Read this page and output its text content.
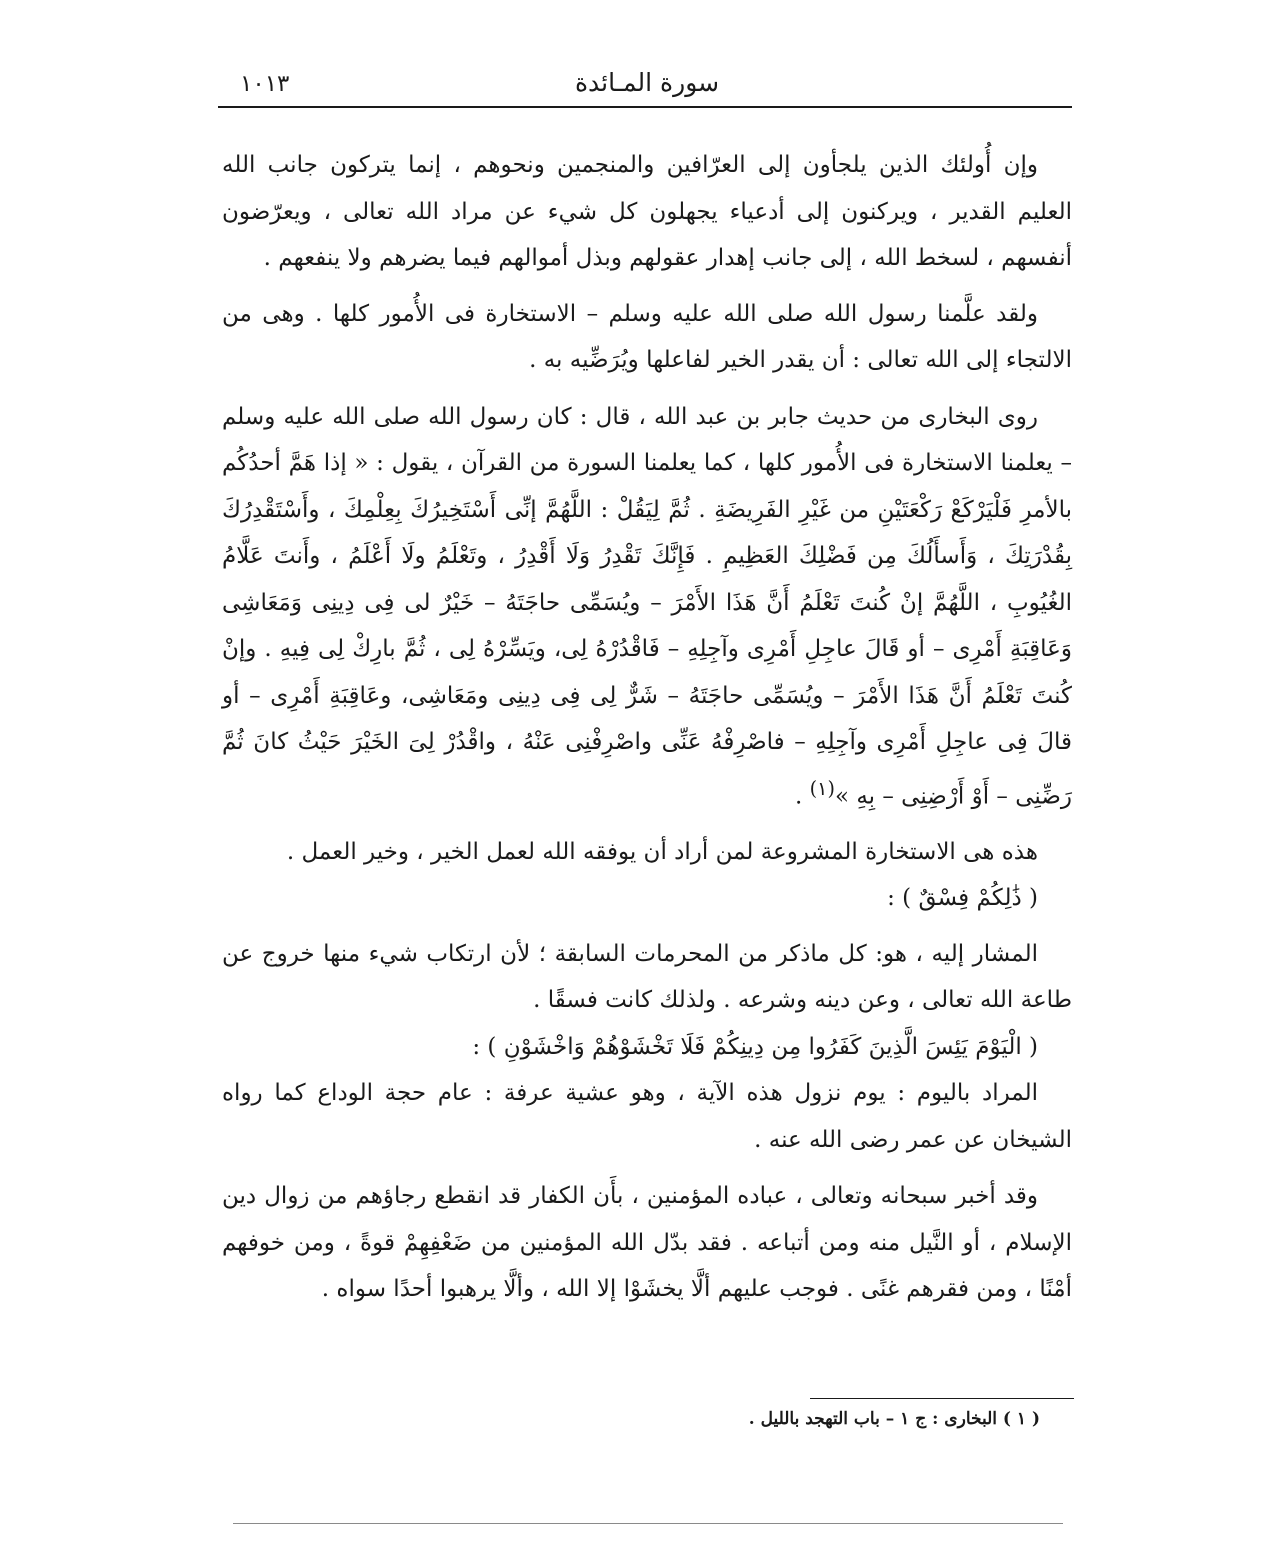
سورة المـائدة
١٠١٣

وإن أُولئك الذين يلجأون إلى العرّافين والمنجمين ونحوهم ، إنما يتركون جانب الله العليم القدير ، ويركنون إلى أدعياء يجهلون كل شيء عن مراد الله تعالى ، ويعرّضون أنفسهم ، لسخط الله ، إلى جانب إهدار عقولهم وبذل أموالهم فيما يضرهم ولا ينفعهم .

ولقد علَّمنا رسول الله صلى الله عليه وسلم – الاستخارة فى الأُمور كلها . وهى من الالتجاء إلى الله تعالى : أن يقدر الخير لفاعلها ويُرَضِّيه به .

روى البخارى من حديث جابر بن عبد الله ، قال : كان رسول الله صلى الله عليه وسلم – يعلمنا الاستخارة فى الأُمور كلها ، كما يعلمنا السورة من القرآن ، يقول : « إذا هَمَّ أحدُكُم بالأمرِ فَلْيَرْكَعْ رَكْعَتَيْنِ من غَيْرِ الفَرِيضَةِ . ثُمَّ لِيَقُلْ : اللَّهُمَّ إنِّى أَسْتَخِيرُكَ بِعِلْمِكَ ، وأَسْتَقْدِرُكَ بِقُدْرَتِكَ ، وَأَسأَلُكَ مِن فَضْلِكَ العَظِيمِ . فَإِنَّكَ تَقْدِرُ وَلَا أَقْدِرُ ، وتَعْلَمُ ولَا أَعْلَمُ ، وأَنتَ عَلَّامُ الغُيُوبِ ، اللَّهُمَّ إنْ كُنتَ تَعْلَمُ أَنَّ هَذَا الأَمْرَ – ويُسَمِّى حاجَتَهُ – خَيْرٌ لى فِى دِينِى وَمَعَاشِى وَعَاقِبَةِ أَمْرِى – أو قَالَ عاجِلِ أَمْرِى وآجِلِهِ – فَاقْدُرْهُ لِى، ويَسِّرْهُ لِى ، ثُمَّ بارِكْ لِى فِيهِ . وإنْ كُنتَ تَعْلَمُ أَنَّ هَذَا الأَمْرَ – ويُسَمِّى حاجَتَهُ – شَرٌّ لِى فِى دِينِى ومَعَاشِى، وعَاقِبَةِ أَمْرِى – أو قالَ فِى عاجِلِ أَمْرِى وآجِلِهِ – فاصْرِفْهُ عَنِّى واصْرِفْنِى عَنْهُ ، واقْدُرْ لِىَ الخَيْرَ حَيْثُ كانَ ثُمَّ رَضِّنِى – أَوْ أَرْضِنِى – بِهِ »$^{(١)}$ .

هذه هى الاستخارة المشروعة لمن أراد أن يوفقه الله لعمل الخير ، وخير العمل .

( ذَٰلِكُمْ فِسْقٌ ) :

المشار إليه ، هو: كل ماذكر من المحرمات السابقة ؛ لأن ارتكاب شيء منها خروج عن طاعة الله تعالى ، وعن دينه وشرعه . ولذلك كانت فسقًا .

( الْيَوْمَ يَئِسَ الَّذِينَ كَفَرُوا مِن دِينِكُمْ فَلَا تَخْشَوْهُمْ وَاخْشَوْنِ ) :

المراد باليوم : يوم نزول هذه الآية ، وهو عشية عرفة : عام حجة الوداع كما رواه الشيخان عن عمر رضى الله عنه .

وقد أخبر سبحانه وتعالى ، عباده المؤمنين ، بأَن الكفار قد انقطع رجاؤهم من زوال دين الإسلام ، أو النَّيل منه ومن أتباعه . فقد بدّل الله المؤمنين من ضَعْفِهِمْ قوةً ، ومن خوفهم أمْنًا ، ومن فقرهم غنًى . فوجب عليهم ألَّا يخشَوْا إلا الله ، وألَّا يرهبوا أحدًا سواه .

( ١ ) البخارى : ج ١ – باب التهجد بالليل .
